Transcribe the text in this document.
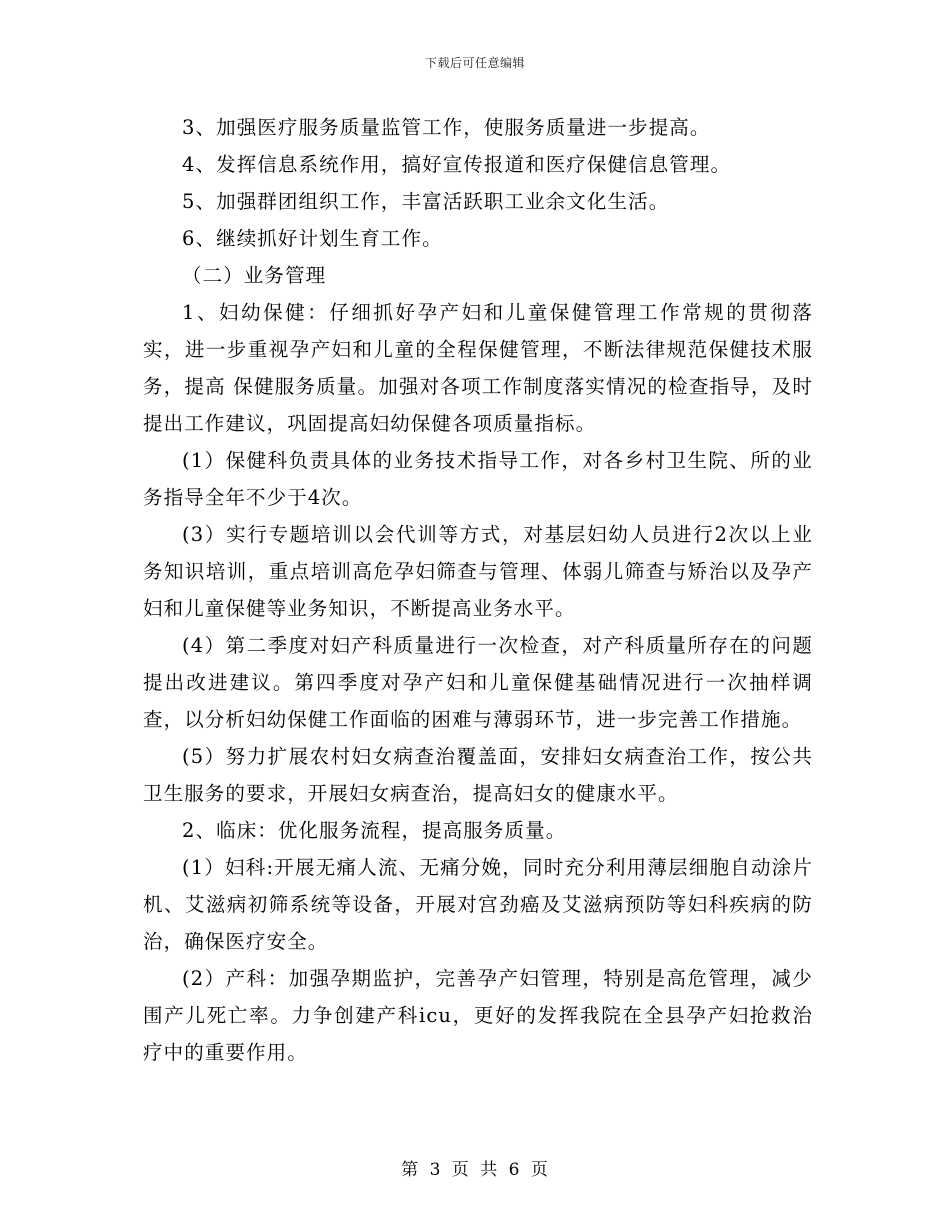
下载后可任意编辑

3、加强医疗服务质量监管工作，使服务质量进一步提高。

4、发挥信息系统作用，搞好宣传报道和医疗保健信息管理。

5、加强群团组织工作，丰富活跃职工业余文化生活。

6、继续抓好计划生育工作。

（二）业务管理

1、妇幼保健：仔细抓好孕产妇和儿童保健管理工作常规的贯彻落实，进一步重视孕产妇和儿童的全程保健管理，不断法律规范保健技术服务，提高 保健服务质量。加强对各项工作制度落实情况的检查指导，及时提出工作建议，巩固提高妇幼保健各项质量指标。

(1）保健科负责具体的业务技术指导工作，对各乡村卫生院、所的业务指导全年不少于4次。

(3）实行专题培训以会代训等方式，对基层妇幼人员进行2次以上业务知识培训，重点培训高危孕妇筛查与管理、体弱儿筛查与矫治以及孕产妇和儿童保健等业务知识，不断提高业务水平。

(4）第二季度对妇产科质量进行一次检查，对产科质量所存在的问题提出改进建议。第四季度对孕产妇和儿童保健基础情况进行一次抽样调查，以分析妇幼保健工作面临的困难与薄弱环节，进一步完善工作措施。

(5）努力扩展农村妇女病查治覆盖面，安排妇女病查治工作，按公共卫生服务的要求，开展妇女病查治，提高妇女的健康水平。

2、临床：优化服务流程，提高服务质量。

(1）妇科:开展无痛人流、无痛分娩，同时充分利用薄层细胞自动涂片机、艾滋病初筛系统等设备，开展对宫劲癌及艾滋病预防等妇科疾病的防治，确保医疗安全。

(2）产科：加强孕期监护，完善孕产妇管理，特别是高危管理，减少围产儿死亡率。力争创建产科icu，更好的发挥我院在全县孕产妇抢救治疗中的重要作用。

第 3 页 共 6 页
